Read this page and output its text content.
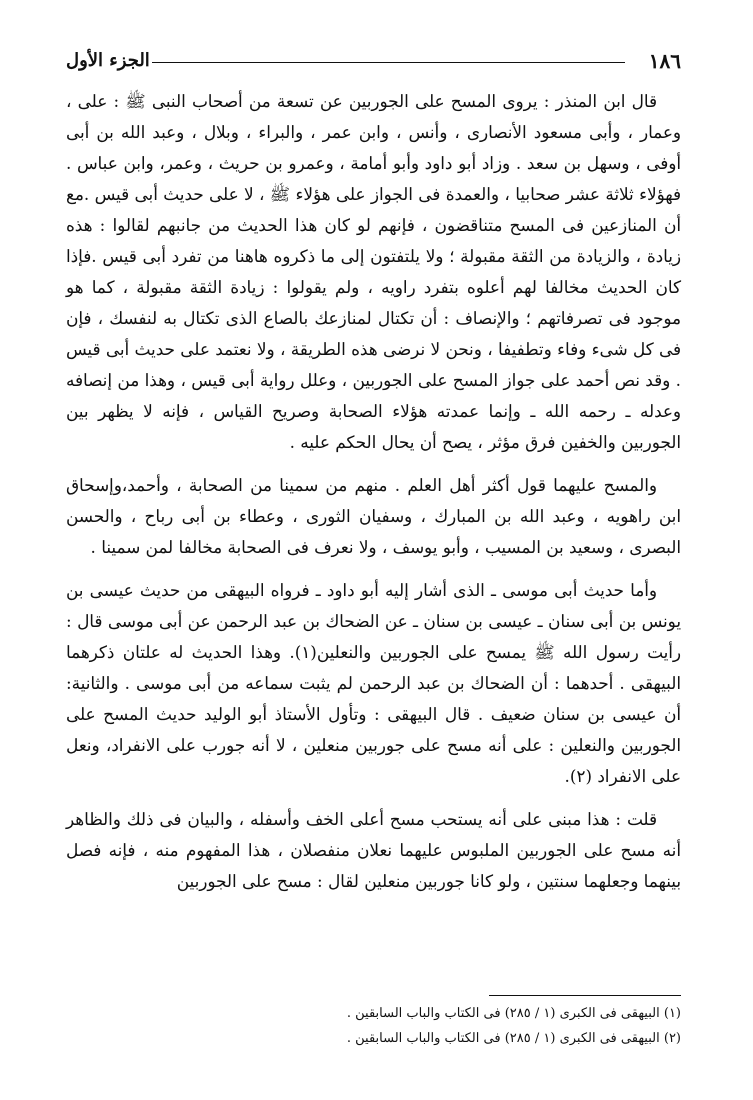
١٨٦
الجزء الأول

قال ابن المنذر : يروى المسح على الجوربين عن تسعة من أصحاب النبى ﷺ : على ، وعمار ، وأبى مسعود الأنصارى ، وأنس ، وابن عمر ، والبراء ، وبلال ، وعبد الله بن أبى أوفى ، وسهل بن سعد . وزاد أبو داود وأبو أمامة ، وعمرو بن حريث ، وعمر، وابن عباس . فهؤلاء ثلاثة عشر صحابيا ، والعمدة فى الجواز على هؤلاء ﷺ ، لا على حديث أبى قيس .مع أن المنازعين فى المسح متناقضون ، فإنهم لو كان هذا الحديث من جانبهم لقالوا : هذه زيادة ، والزيادة من الثقة مقبولة ؛ ولا يلتفتون إلى ما ذكروه هاهنا من تفرد أبى قيس .فإذا كان الحديث مخالفا لهم أعلوه بتفرد راويه ، ولم يقولوا : زيادة الثقة مقبولة ، كما هو موجود فى تصرفاتهم ؛ والإنصاف : أن تكتال لمنازعك بالصاع الذى تكتال به لنفسك ، فإن فى كل شىء وفاء وتطفيفا ، ونحن لا نرضى هذه الطريقة ، ولا نعتمد على حديث أبى قيس . وقد نص أحمد على جواز المسح على الجوربين ، وعلل رواية أبى قيس ، وهذا من إنصافه وعدله ـ رحمه الله ـ وإنما عمدته هؤلاء الصحابة وصريح القياس ، فإنه لا يظهر بين الجوربين والخفين فرق مؤثر ، يصح أن يحال الحكم عليه .

والمسح عليهما قول أكثر أهل العلم . منهم من سمينا من الصحابة ، وأحمد،وإسحاق ابن راهويه ، وعبد الله بن المبارك ، وسفيان الثورى ، وعطاء بن أبى رباح ، والحسن البصرى ، وسعيد بن المسيب ، وأبو يوسف ، ولا نعرف فى الصحابة مخالفا لمن سمينا .

وأما حديث أبى موسى ـ الذى أشار إليه أبو داود ـ فرواه البيهقى من حديث عيسى بن يونس بن أبى سنان ـ عيسى بن سنان ـ عن الضحاك بن عبد الرحمن عن أبى موسى قال : رأيت رسول الله ﷺ يمسح على الجوربين والنعلين(١). وهذا الحديث له علتان ذكرهما البيهقى . أحدهما : أن الضحاك بن عبد الرحمن لم يثبت سماعه من أبى موسى . والثانية: أن عيسى بن سنان ضعيف . قال البيهقى : وتأول الأستاذ أبو الوليد حديث المسح على الجوربين والنعلين : على أنه مسح على جوربين منعلين ، لا أنه جورب على الانفراد، ونعل على الانفراد (٢).

قلت : هذا مبنى على أنه يستحب مسح أعلى الخف وأسفله ، والبيان فى ذلك والظاهر أنه مسح على الجوربين الملبوس عليهما نعلان منفصلان ، هذا المفهوم منه ، فإنه فصل بينهما وجعلهما سنتين ، ولو كانا جوربين منعلين لقال : مسح على الجوربين

(١) البيهقى فى الكبرى (١ / ٢٨٥) فى الكتاب والباب السابقين .

(٢) البيهقى فى الكبرى (١ / ٢٨٥) فى الكتاب والباب السابقين .
